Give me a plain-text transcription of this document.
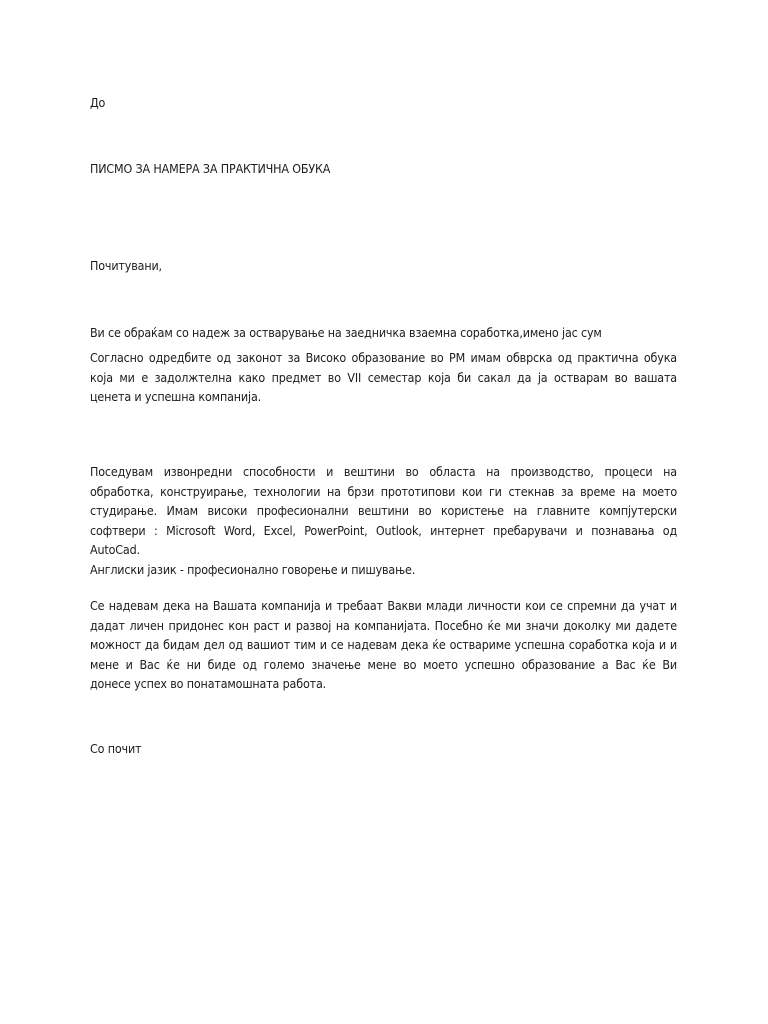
До
ПИСМО ЗА НАМЕРА ЗА ПРАКТИЧНА ОБУКА
Почитувани,
Ви се обраќам со надеж за остварување на заедничка взаемна соработка,имено јас сум
Согласно одредбите од законот за Високо образование во РМ имам обврска од практична обука
која ми е задолжтелна како предмет во VII семестар која би сакал да ја остварам во вашата
ценета и успешна компанија.
Поседувам извонредни способности и вештини во областа на производство, процеси на
обработка, конструирање, технологии на брзи прототипови кои ги стекнав за време на моето
студирање. Имам високи професионални вештини во користење на главните компјутерски
софтвери : Microsoft Word, Excel, PowerPoint, Outlook, интернет пребарувачи и познавања од
AutoCad.
Англиски јазик - професионално говорење и пишување.
Се надевам дека на Вашата компанија и требаат Вакви млади личности кои се спремни да учат и
дадат личен придонес кон раст и развој на компанијата. Посебно ќе ми значи доколку ми дадете
можност да бидам дел од вашиот тим и се надевам дека ќе оствариме успешна соработка која и и
мене и Вас ќе ни биде од големо значење мене во моето успешно образование а Вас ќе Ви
донесе успех во понатамошната работа.
Со почит
